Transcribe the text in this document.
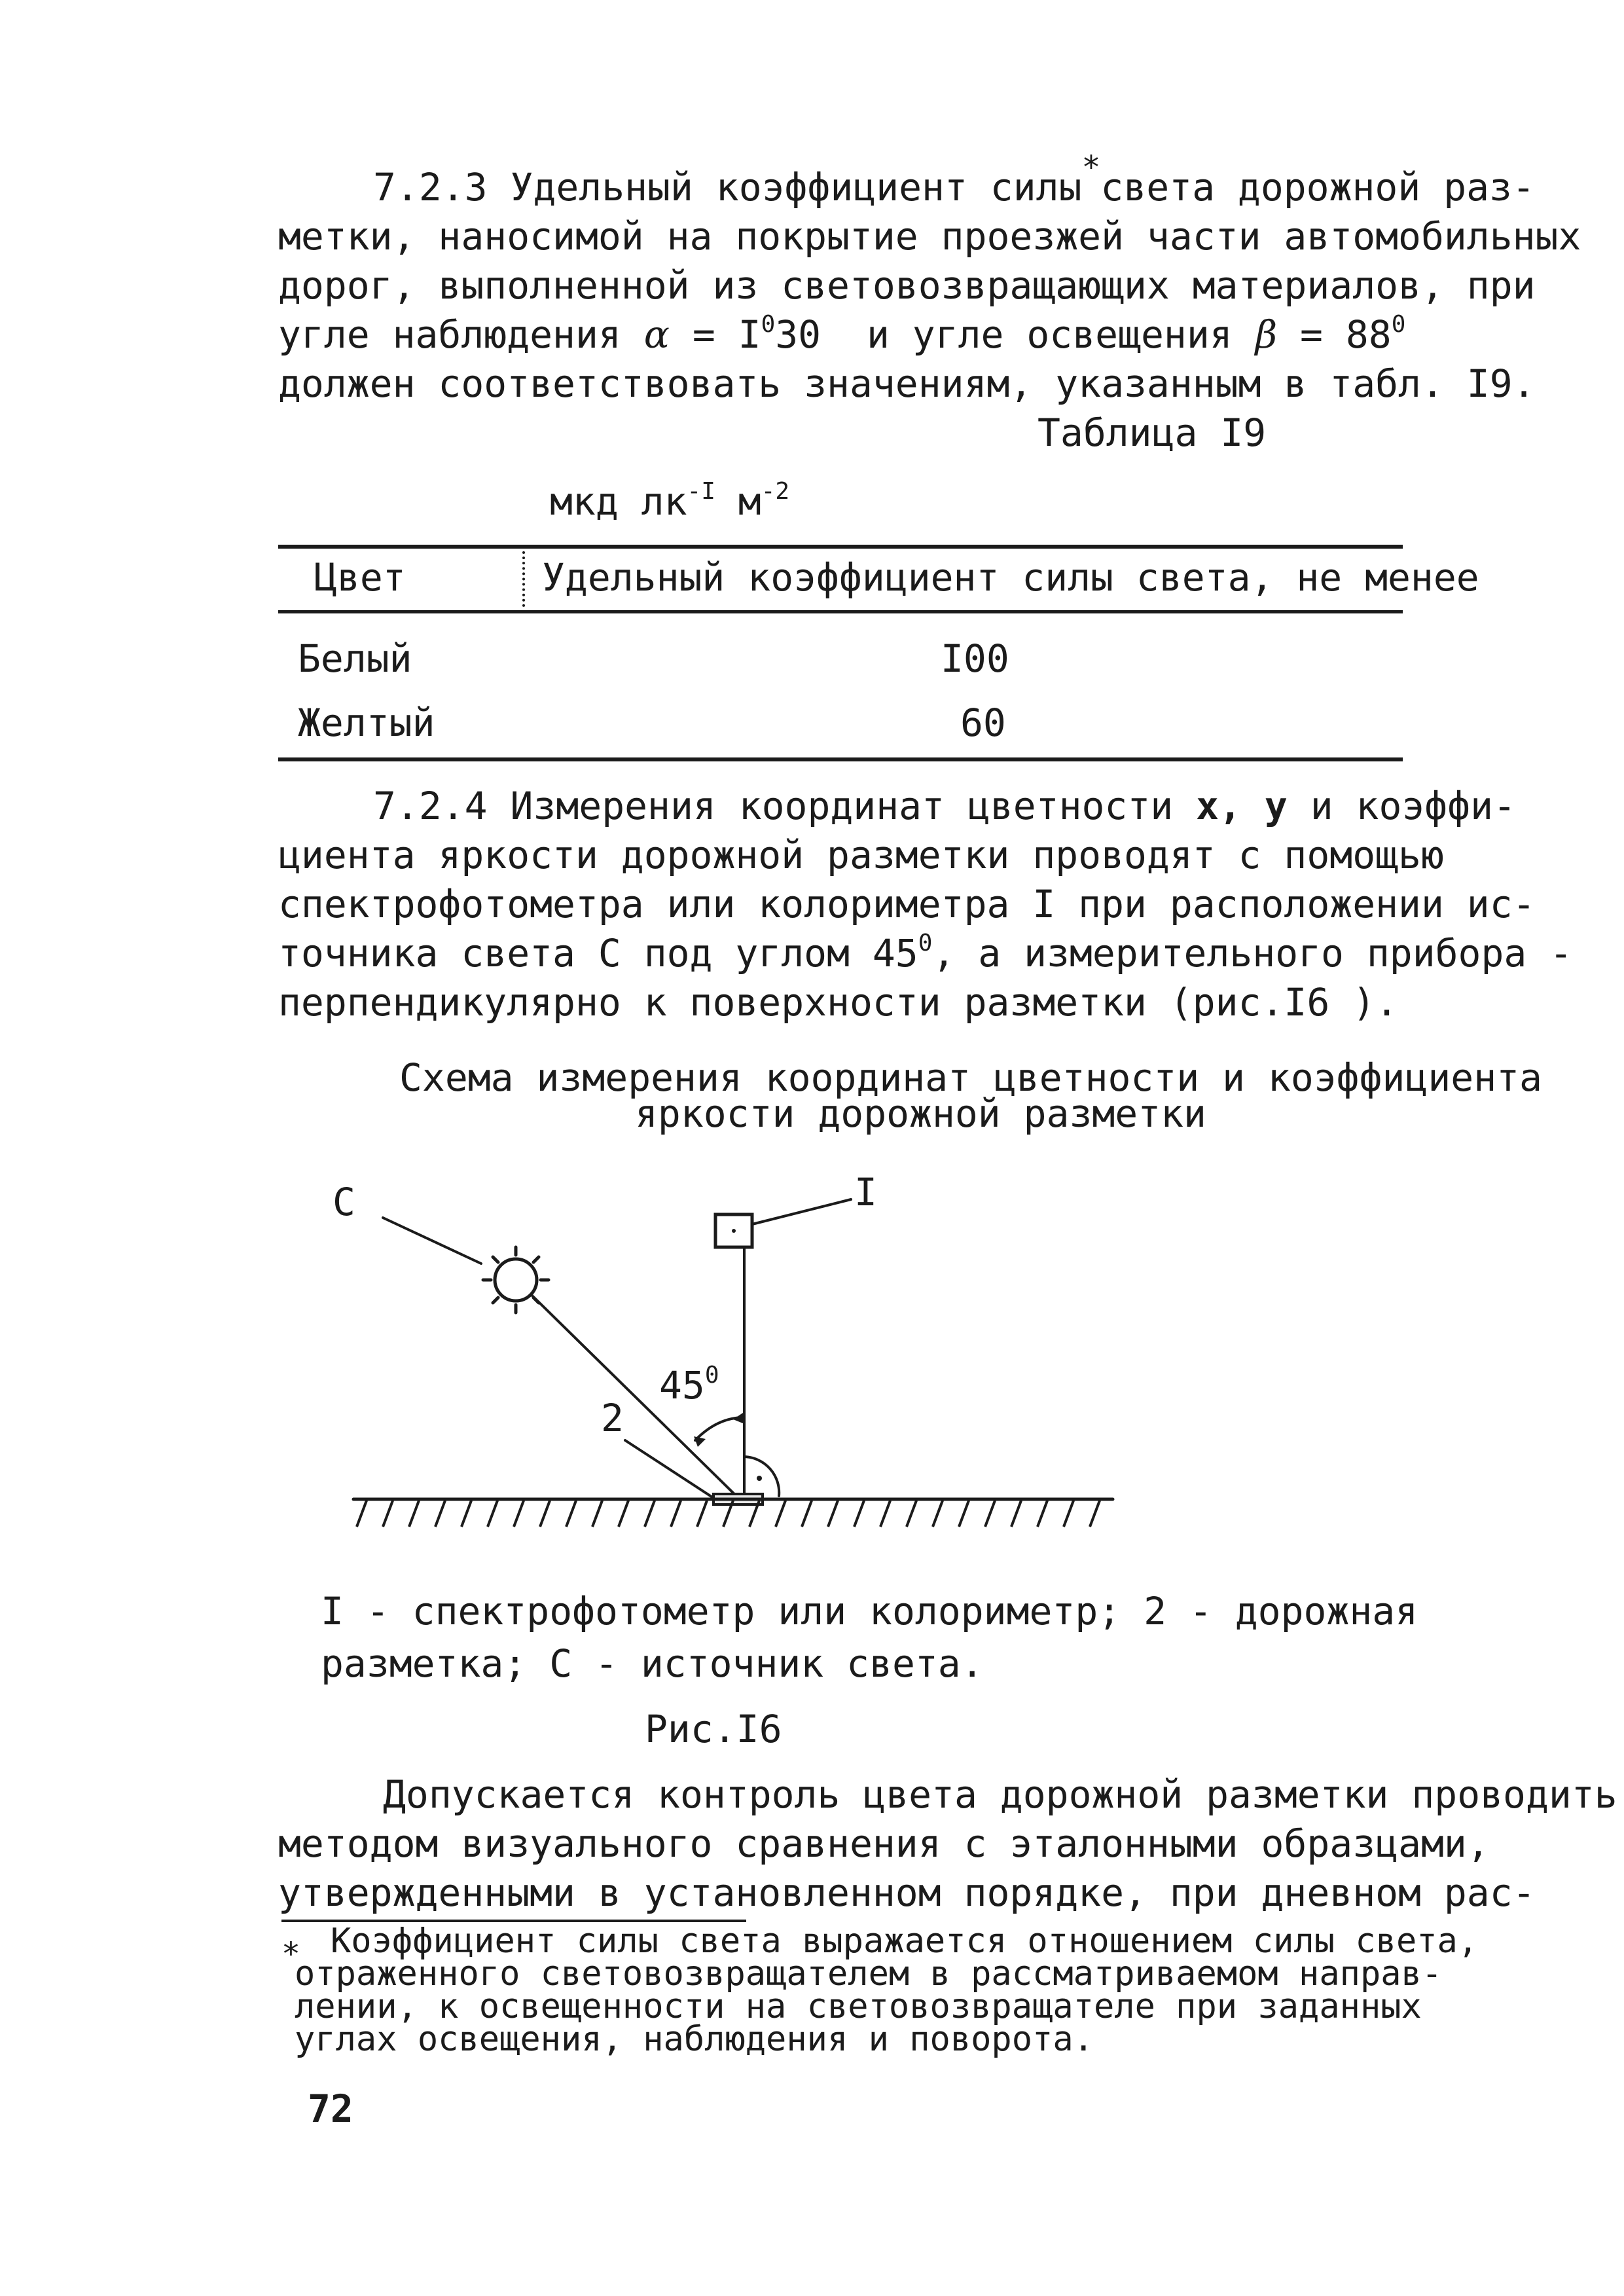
7.2.3 Удельный коэффициент силы*света дорожной раз-
метки, наносимой на покрытие проезжей части автомобильных
дорог, выполненной из световозвращающих материалов, при
угле наблюдения $\alpha = I^030$ и угле освещения $\beta = 88^0$
должен соответствовать значениям, указанным в табл. I9.
Таблица I9
мкд $лк^{-I}$ $м^{-2}$
Цвет	Удельный коэффициент силы света, не менее
Белый	I00
Желтый	60
7.2.4 Измерения координат цветности х, у и коэффи-
циента яркости дорожной разметки проводят с помощью
спектрофотометра или колориметра I при расположении ис-
точника света С под углом $45^0$, а измерительного прибора -
перпендикулярно к поверхности разметки (рис.I6 ).
Схема измерения координат цветности и коэффициента
яркости дорожной разметки
С	I
2
$45^0$
I - спектрофотометр или колориметр; 2 - дорожная
разметка; С - источник света.
Рис.I6
Допускается контроль цвета дорожной разметки проводить
методом визуального сравнения с эталонными образцами,
утвержденными в установленном порядке, при дневном рас-
* Коэффициент силы света выражается отношением силы света,
отраженного световозвращателем в рассматриваемом направ-
лении, к освещенности на световозвращателе при заданных
углах освещения, наблюдения и поворота.
72
